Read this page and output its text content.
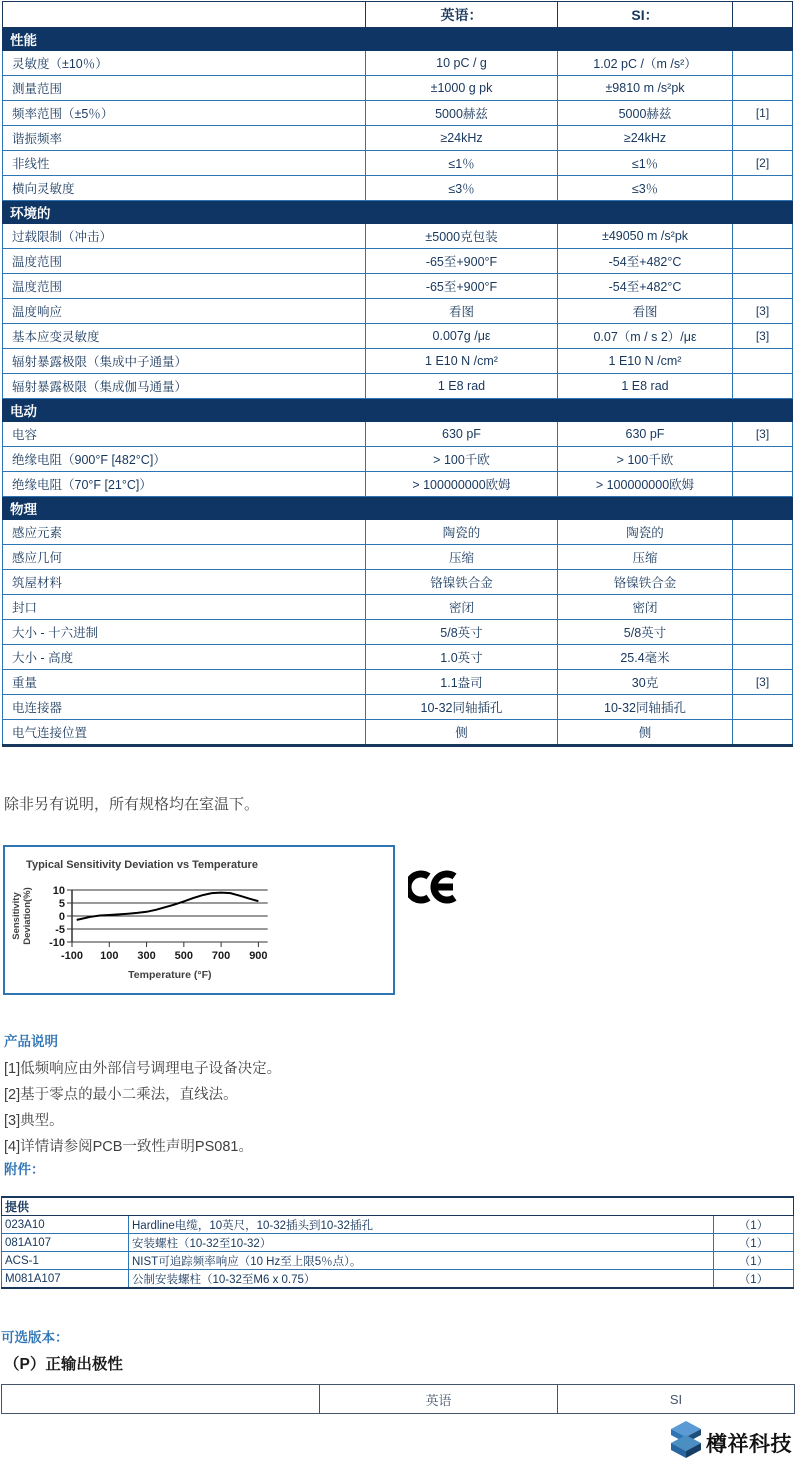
	英语：	SI：	
性能			
灵敏度（±10％）	10 pC / g	1.02 pC /（m /s²）	
测量范围	±1000 g pk	±9810 m /s²pk	
频率范围（±5％）	5000赫兹	5000赫兹	[1]
谐振频率	≥24kHz	≥24kHz	
非线性	≤1％	≤1％	[2]
横向灵敏度	≤3％	≤3％	
环境的			
过载限制（冲击）	±5000克包装	±49050 m /s²pk	
温度范围	-65至+900°F	-54至+482°C	
温度范围	-65至+900°F	-54至+482°C	
温度响应	看图	看图	[3]
基本应变灵敏度	0.007g /με	0.07（m / s 2）/με	[3]
辐射暴露极限（集成中子通量）	1 E10 N /cm²	1 E10 N /cm²	
辐射暴露极限（集成伽马通量）	1 E8 rad	1 E8 rad	
电动			
电容	630 pF	630 pF	[3]
绝缘电阻（900°F [482°C]）	> 100千欧	> 100千欧	
绝缘电阻（70°F [21°C]）	> 100000000欧姆	> 100000000欧姆	
物理			
感应元素	陶瓷的	陶瓷的	
感应几何	压缩	压缩	
筑屋材料	铬镍铁合金	铬镍铁合金	
封口	密闭	密闭	
大小 - 十六进制	5/8英寸	5/8英寸	
大小 - 高度	1.0英寸	25.4毫米	
重量	1.1盎司	30克	[3]
电连接器	10-32同轴插孔	10-32同轴插孔	
电气连接位置	侧	侧	
除非另有说明，所有规格均在室温下。
Typical Sensitivity Deviation vs Temperature
Sensitivity Deviation(%) 10
5
0
-5
-10
-100 100 300 500 700 900
Temperature (°F)
产品说明
[1]低频响应由外部信号调理电子设备决定。
[2]基于零点的最小二乘法，直线法。
[3]典型。
[4]详情请参阅PCB一致性声明PS081。
附件：
提供		
023A10	Hardline电缆，10英尺，10-32插头到10-32插孔	（1）
081A107	安装螺柱（10-32至10-32）	（1）
ACS-1	NIST可追踪频率响应（10 Hz至上限5％点）。	（1）
M081A107	公制安装螺柱（10-32至M6 x 0.75）	（1）
可选版本：
（P）正输出极性
	英语	SI
樽祥科技
